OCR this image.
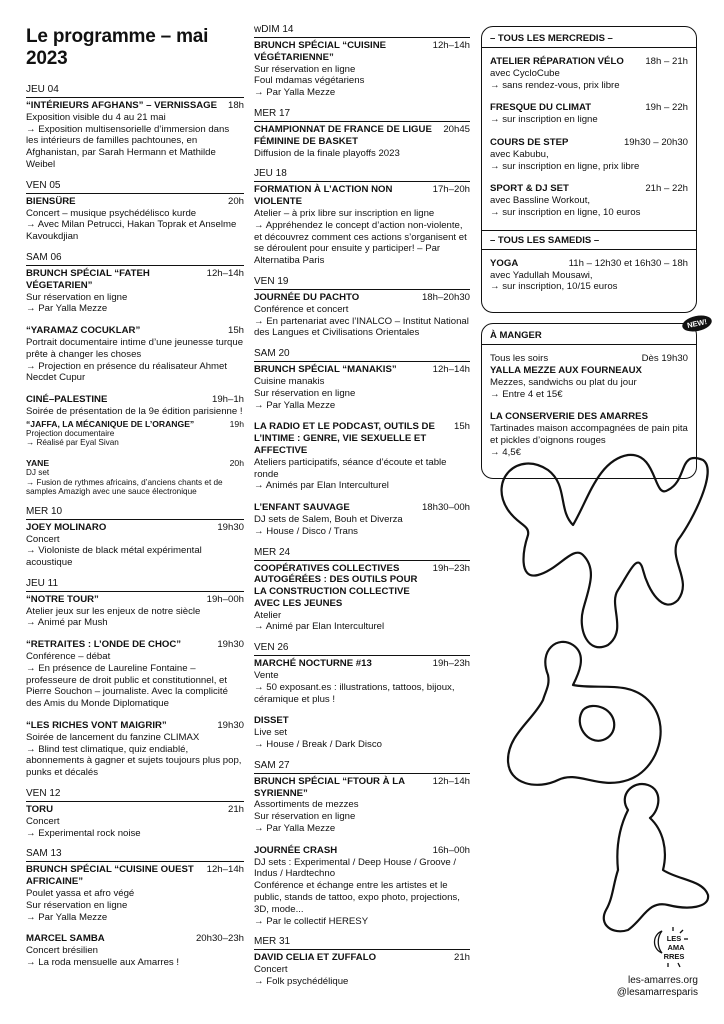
Le programme – mai 2023
JEU 04
“INTÉRIEURS AFGHANS” – VERNISSAGE	18h
Exposition visible du 4 au 21 mai
→ Exposition multisensorielle d’immersion dans les intérieurs de familles pachtounes, en Afghanistan, par Sarah Hermann et Mathilde Weibel
VEN 05
BIENSÜRE	20h
Concert – musique psychédélisco kurde
→ Avec Milan Petrucci, Hakan Toprak et Anselme Kavoukdjian
SAM 06
BRUNCH SPÉCIAL “FATEH VÉGETARIEN”
12h–14h
Sur réservation en ligne
→ Par Yalla Mezze
“YARAMAZ COCUKLAR”	15h
Portrait documentaire intime d’une jeunesse turque prête à changer les choses
→ Projection en présence du réalisateur Ahmet Necdet Cupur
CINÉ–PALESTINE	19h–1h
Soirée de présentation de la 9e édition parisienne !
“JAFFA, LA MÉCANIQUE DE L’ORANGE”	19h
Projection documentaire
→ Réalisé par Eyal Sivan
YANE	20h
DJ set
→ Fusion de rythmes africains, d’anciens chants et de samples Amazigh avec une sauce électronique
MER 10
JOEY MOLINARO	19h30
Concert
→ Violoniste de black métal expérimental acoustique
JEU 11
“NOTRE TOUR”	19h–00h
Atelier jeux sur les enjeux de notre siècle
→ Animé par Mush
“RETRAITES : L’ONDE DE CHOC”	19h30
Conférence – débat
→ En présence de Laureline Fontaine – professeure de droit public et constitutionnel, et Pierre Souchon – journaliste. Avec la complicité des Amis du Monde Diplomatique
“LES RICHES VONT MAIGRIR”	19h30
Soirée de lancement du fanzine CLIMAX
→ Blind test climatique, quiz endiablé, abonnements à gagner et sujets toujours plus pop, punks et décalés
VEN 12
TORU	21h
Concert
→ Experimental rock noise
SAM 13
BRUNCH SPÉCIAL “CUISINE OUEST AFRICAINE”
12h–14h
Poulet yassa et afro végé
Sur réservation en ligne
→ Par Yalla Mezze
MARCEL SAMBA	20h30–23h
Concert brésilien
→ La roda mensuelle aux Amarres !
wDIM 14
BRUNCH SPÉCIAL “CUISINE VÉGÉTARIENNE”
12h–14h
Sur réservation en ligne
Foul mdamas végétariens
→ Par Yalla Mezze
MER 17
CHAMPIONNAT DE FRANCE DE LIGUE FÉMININE DE BASKET
20h45
Diffusion de la finale playoffs 2023
JEU 18
FORMATION À L’ACTION NON VIOLENTE
17h–20h
Atelier – à prix libre sur inscription en ligne
→ Appréhendez le concept d’action non-violente, et découvrez comment ces actions s’organisent et se déroulent pour ensuite y participer! – Par Alternatiba Paris
VEN 19
JOURNÉE DU PACHTO	18h–20h30
Conférence et concert
→ En partenariat avec l’INALCO – Institut National des Langues et Civilisations Orientales
SAM 20
BRUNCH SPÉCIAL “MANAKIS”	12h–14h
Cuisine manakis
Sur réservation en ligne
→ Par Yalla Mezze
LA RADIO ET LE PODCAST, OUTILS DE L’INTIME : GENRE, VIE SEXUELLE ET AFFECTIVE
15h
Ateliers participatifs, séance d’écoute et table ronde
→ Animés par Elan Interculturel
L’ENFANT SAUVAGE	18h30–00h
DJ sets de Salem, Bouh et Diverza
→ House / Disco / Trans
MER 24
COOPÉRATIVES COLLECTIVES AUTOGÉRÉES : DES OUTILS POUR LA CONSTRUCTION COLLECTIVE AVEC LES JEUNES
19h–23h
Atelier
→ Animé par Elan Interculturel
VEN 26
MARCHÉ NOCTURNE #13	19h–23h
Vente
→ 50 exposant.es : illustrations, tattoos, bijoux, céramique et plus !
DISSET
Live set
→ House / Break / Dark Disco
SAM 27
BRUNCH SPÉCIAL “FTOUR À LA SYRIENNE”
12h–14h
Assortiments de mezzes
Sur réservation en ligne
→ Par Yalla Mezze
JOURNÉE CRASH	16h–00h
DJ sets : Experimental / Deep House / Groove / Indus / Hardtechno
Conférence et échange entre les artistes et le public, stands de tattoo, expo photo, projections, 3D, mode...
→ Par le collectif HERESY
MER 31
DAVID CELIA ET ZUFFALO	21h
Concert
→ Folk psychédélique
– TOUS LES MERCREDIS –
ATELIER RÉPARATION VÉLO	18h – 21h
avec CycloCube
→ sans rendez-vous, prix libre
FRESQUE DU CLIMAT	19h – 22h
→ sur inscription en ligne
COURS DE STEP	19h30 – 20h30
avec Kabubu,
→ sur inscription en ligne, prix libre
SPORT & DJ SET	21h – 22h
avec Bassline Workout,
→ sur inscription en ligne, 10 euros
– TOUS LES SAMEDIS –
YOGA	11h – 12h30 et 16h30 – 18h
avec Yadullah Mousawi,
→ sur inscription, 10/15 euros
À MANGER
Tous les soirs	Dès 19h30
YALLA MEZZE AUX FOURNEAUX
Mezzes, sandwichs ou plat du jour
→ Entre 4 et 15€
LA CONSERVERIE DES AMARRES
Tartinades maison accompagnées de pain pita et pickles d’oignons rouges
→ 4,5€
NEW!
LES
AMA
RRES
les-amarres.org
@lesamarresparis
